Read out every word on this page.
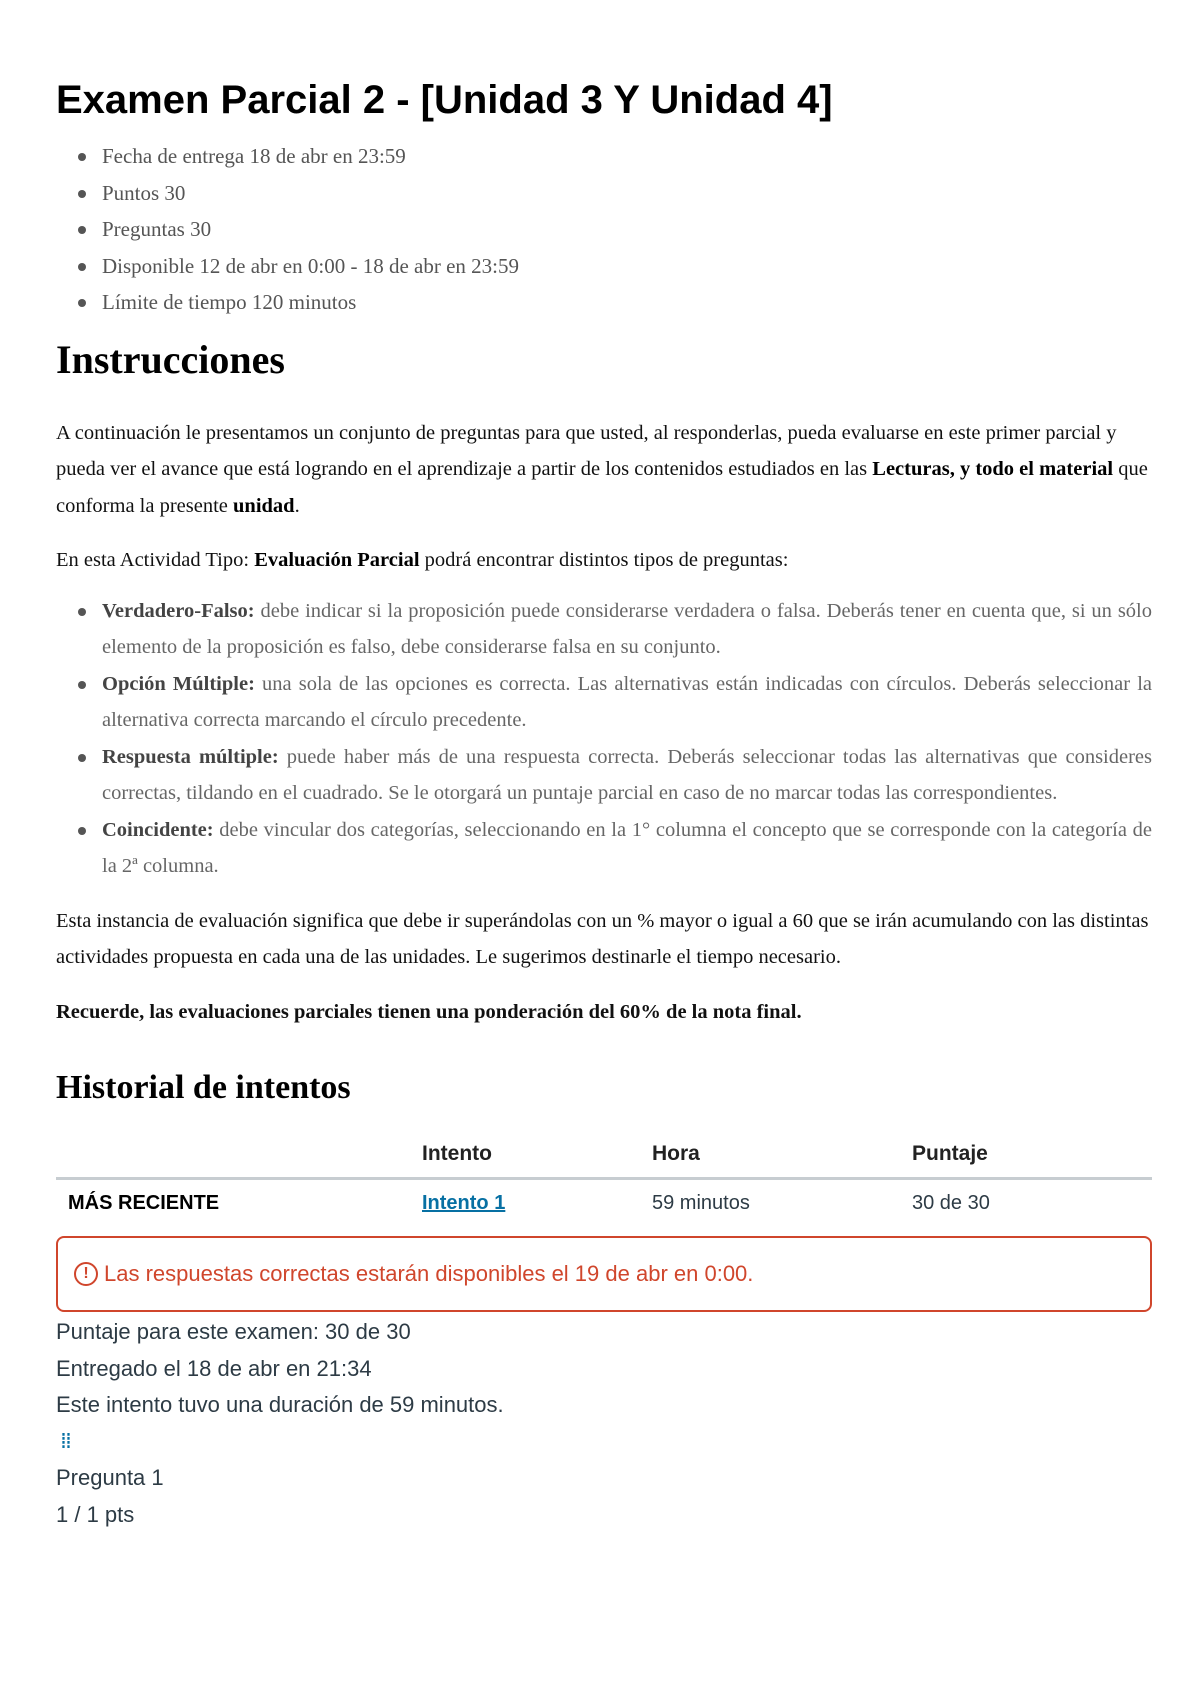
Examen Parcial 2 - [Unidad 3 Y Unidad 4]
Fecha de entrega 18 de abr en 23:59
Puntos 30
Preguntas 30
Disponible 12 de abr en 0:00 - 18 de abr en 23:59
Límite de tiempo 120 minutos
Instrucciones

A continuación le presentamos un conjunto de preguntas para que usted, al responderlas, pueda evaluarse en este primer parcial y pueda ver el avance que está logrando en el aprendizaje a partir de los contenidos estudiados en las Lecturas, y todo el material que conforma la presente unidad.

En esta Actividad Tipo: Evaluación Parcial podrá encontrar distintos tipos de preguntas:

Verdadero-Falso: debe indicar si la proposición puede considerarse verdadera o falsa. Deberás tener en cuenta que, si un sólo elemento de la proposición es falso, debe considerarse falsa en su conjunto.
Opción Múltiple: una sola de las opciones es correcta. Las alternativas están indicadas con círculos. Deberás seleccionar la alternativa correcta marcando el círculo precedente.
Respuesta múltiple: puede haber más de una respuesta correcta. Deberás seleccionar todas las alternativas que consideres correctas, tildando en el cuadrado. Se le otorgará un puntaje parcial en caso de no marcar todas las correspondientes.
Coincidente: debe vincular dos categorías, seleccionando en la 1° columna el concepto que se corresponde con la categoría de la 2ª columna.

Esta instancia de evaluación significa que debe ir superándolas con un % mayor o igual a 60 que se irán acumulando con las distintas actividades propuesta en cada una de las unidades. Le sugerimos destinarle el tiempo necesario.

Recuerde, las evaluaciones parciales tienen una ponderación del 60% de la nota final.

Historial de intentos
	Intento	Hora	Puntaje
MÁS RECIENTE	Intento 1	59 minutos	30 de 30
! Las respuestas correctas estarán disponibles el 19 de abr en 0:00.
Puntaje para este examen: 30 de 30
Entregado el 18 de abr en 21:34
Este intento tuvo una duración de 59 minutos.
⁞⁞
Pregunta 1
1 / 1 pts
